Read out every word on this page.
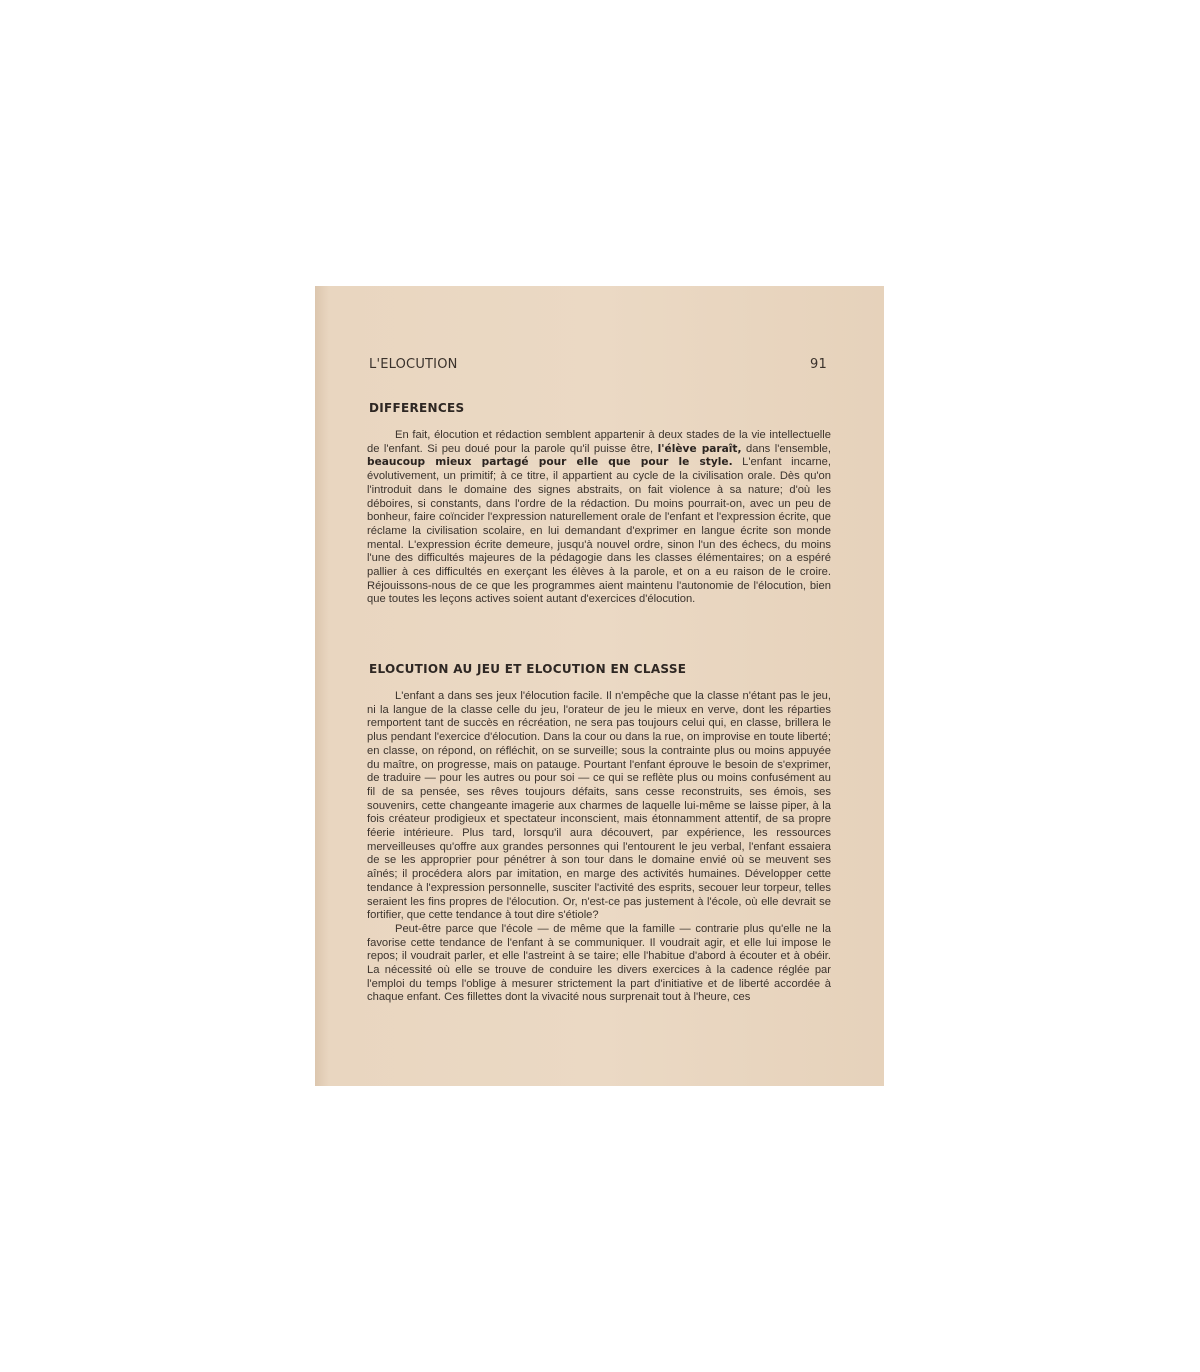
L'ELOCUTION	91
DIFFERENCES

En fait, élocution et rédaction semblent appartenir à deux stades de la vie intellectuelle de l'enfant. Si peu doué pour la parole qu'il puisse être, l'élève paraît, dans l'ensemble, beaucoup mieux partagé pour elle que pour le style. L'enfant incarne, évolutivement, un primitif; à ce titre, il appartient au cycle de la civilisation orale. Dès qu'on l'introduit dans le domaine des signes abstraits, on fait violence à sa nature; d'où les déboires, si constants, dans l'ordre de la rédaction. Du moins pourrait-on, avec un peu de bonheur, faire coïncider l'expression naturellement orale de l'enfant et l'expression écrite, que réclame la civilisation scolaire, en lui demandant d'exprimer en langue écrite son monde mental. L'expression écrite demeure, jusqu'à nouvel ordre, sinon l'un des échecs, du moins l'une des difficultés majeures de la pédagogie dans les classes élémentaires; on a espéré pallier à ces difficultés en exerçant les élèves à la parole, et on a eu raison de le croire. Réjouissons-nous de ce que les programmes aient maintenu l'autonomie de l'élocution, bien que toutes les leçons actives soient autant d'exercices d'élocution.

ELOCUTION AU JEU ET ELOCUTION EN CLASSE

L'enfant a dans ses jeux l'élocution facile. Il n'empêche que la classe n'étant pas le jeu, ni la langue de la classe celle du jeu, l'orateur de jeu le mieux en verve, dont les réparties remportent tant de succès en récréation, ne sera pas toujours celui qui, en classe, brillera le plus pendant l'exercice d'élocution. Dans la cour ou dans la rue, on improvise en toute liberté; en classe, on répond, on réfléchit, on se surveille; sous la contrainte plus ou moins appuyée du maître, on progresse, mais on patauge. Pourtant l'enfant éprouve le besoin de s'exprimer, de traduire — pour les autres ou pour soi — ce qui se reflète plus ou moins confusément au fil de sa pensée, ses rêves toujours défaits, sans cesse reconstruits, ses émois, ses souvenirs, cette changeante imagerie aux charmes de laquelle lui-même se laisse piper, à la fois créateur prodigieux et spectateur inconscient, mais étonnamment attentif, de sa propre féerie intérieure. Plus tard, lorsqu'il aura découvert, par expérience, les ressources merveilleuses qu'offre aux grandes personnes qui l'entourent le jeu verbal, l'enfant essaiera de se les approprier pour pénétrer à son tour dans le domaine envié où se meuvent ses aînés; il procédera alors par imitation, en marge des activités humaines. Développer cette tendance à l'expression personnelle, susciter l'activité des esprits, secouer leur torpeur, telles seraient les fins propres de l'élocution. Or, n'est-ce pas justement à l'école, où elle devrait se fortifier, que cette tendance à tout dire s'étiole?

Peut-être parce que l'école — de même que la famille — contrarie plus qu'elle ne la favorise cette tendance de l'enfant à se communiquer. Il voudrait agir, et elle lui impose le repos; il voudrait parler, et elle l'astreint à se taire; elle l'habitue d'abord à écouter et à obéir. La nécessité où elle se trouve de conduire les divers exercices à la cadence réglée par l'emploi du temps l'oblige à mesurer strictement la part d'initiative et de liberté accordée à chaque enfant. Ces fillettes dont la vivacité nous surprenait tout à l'heure, ces
